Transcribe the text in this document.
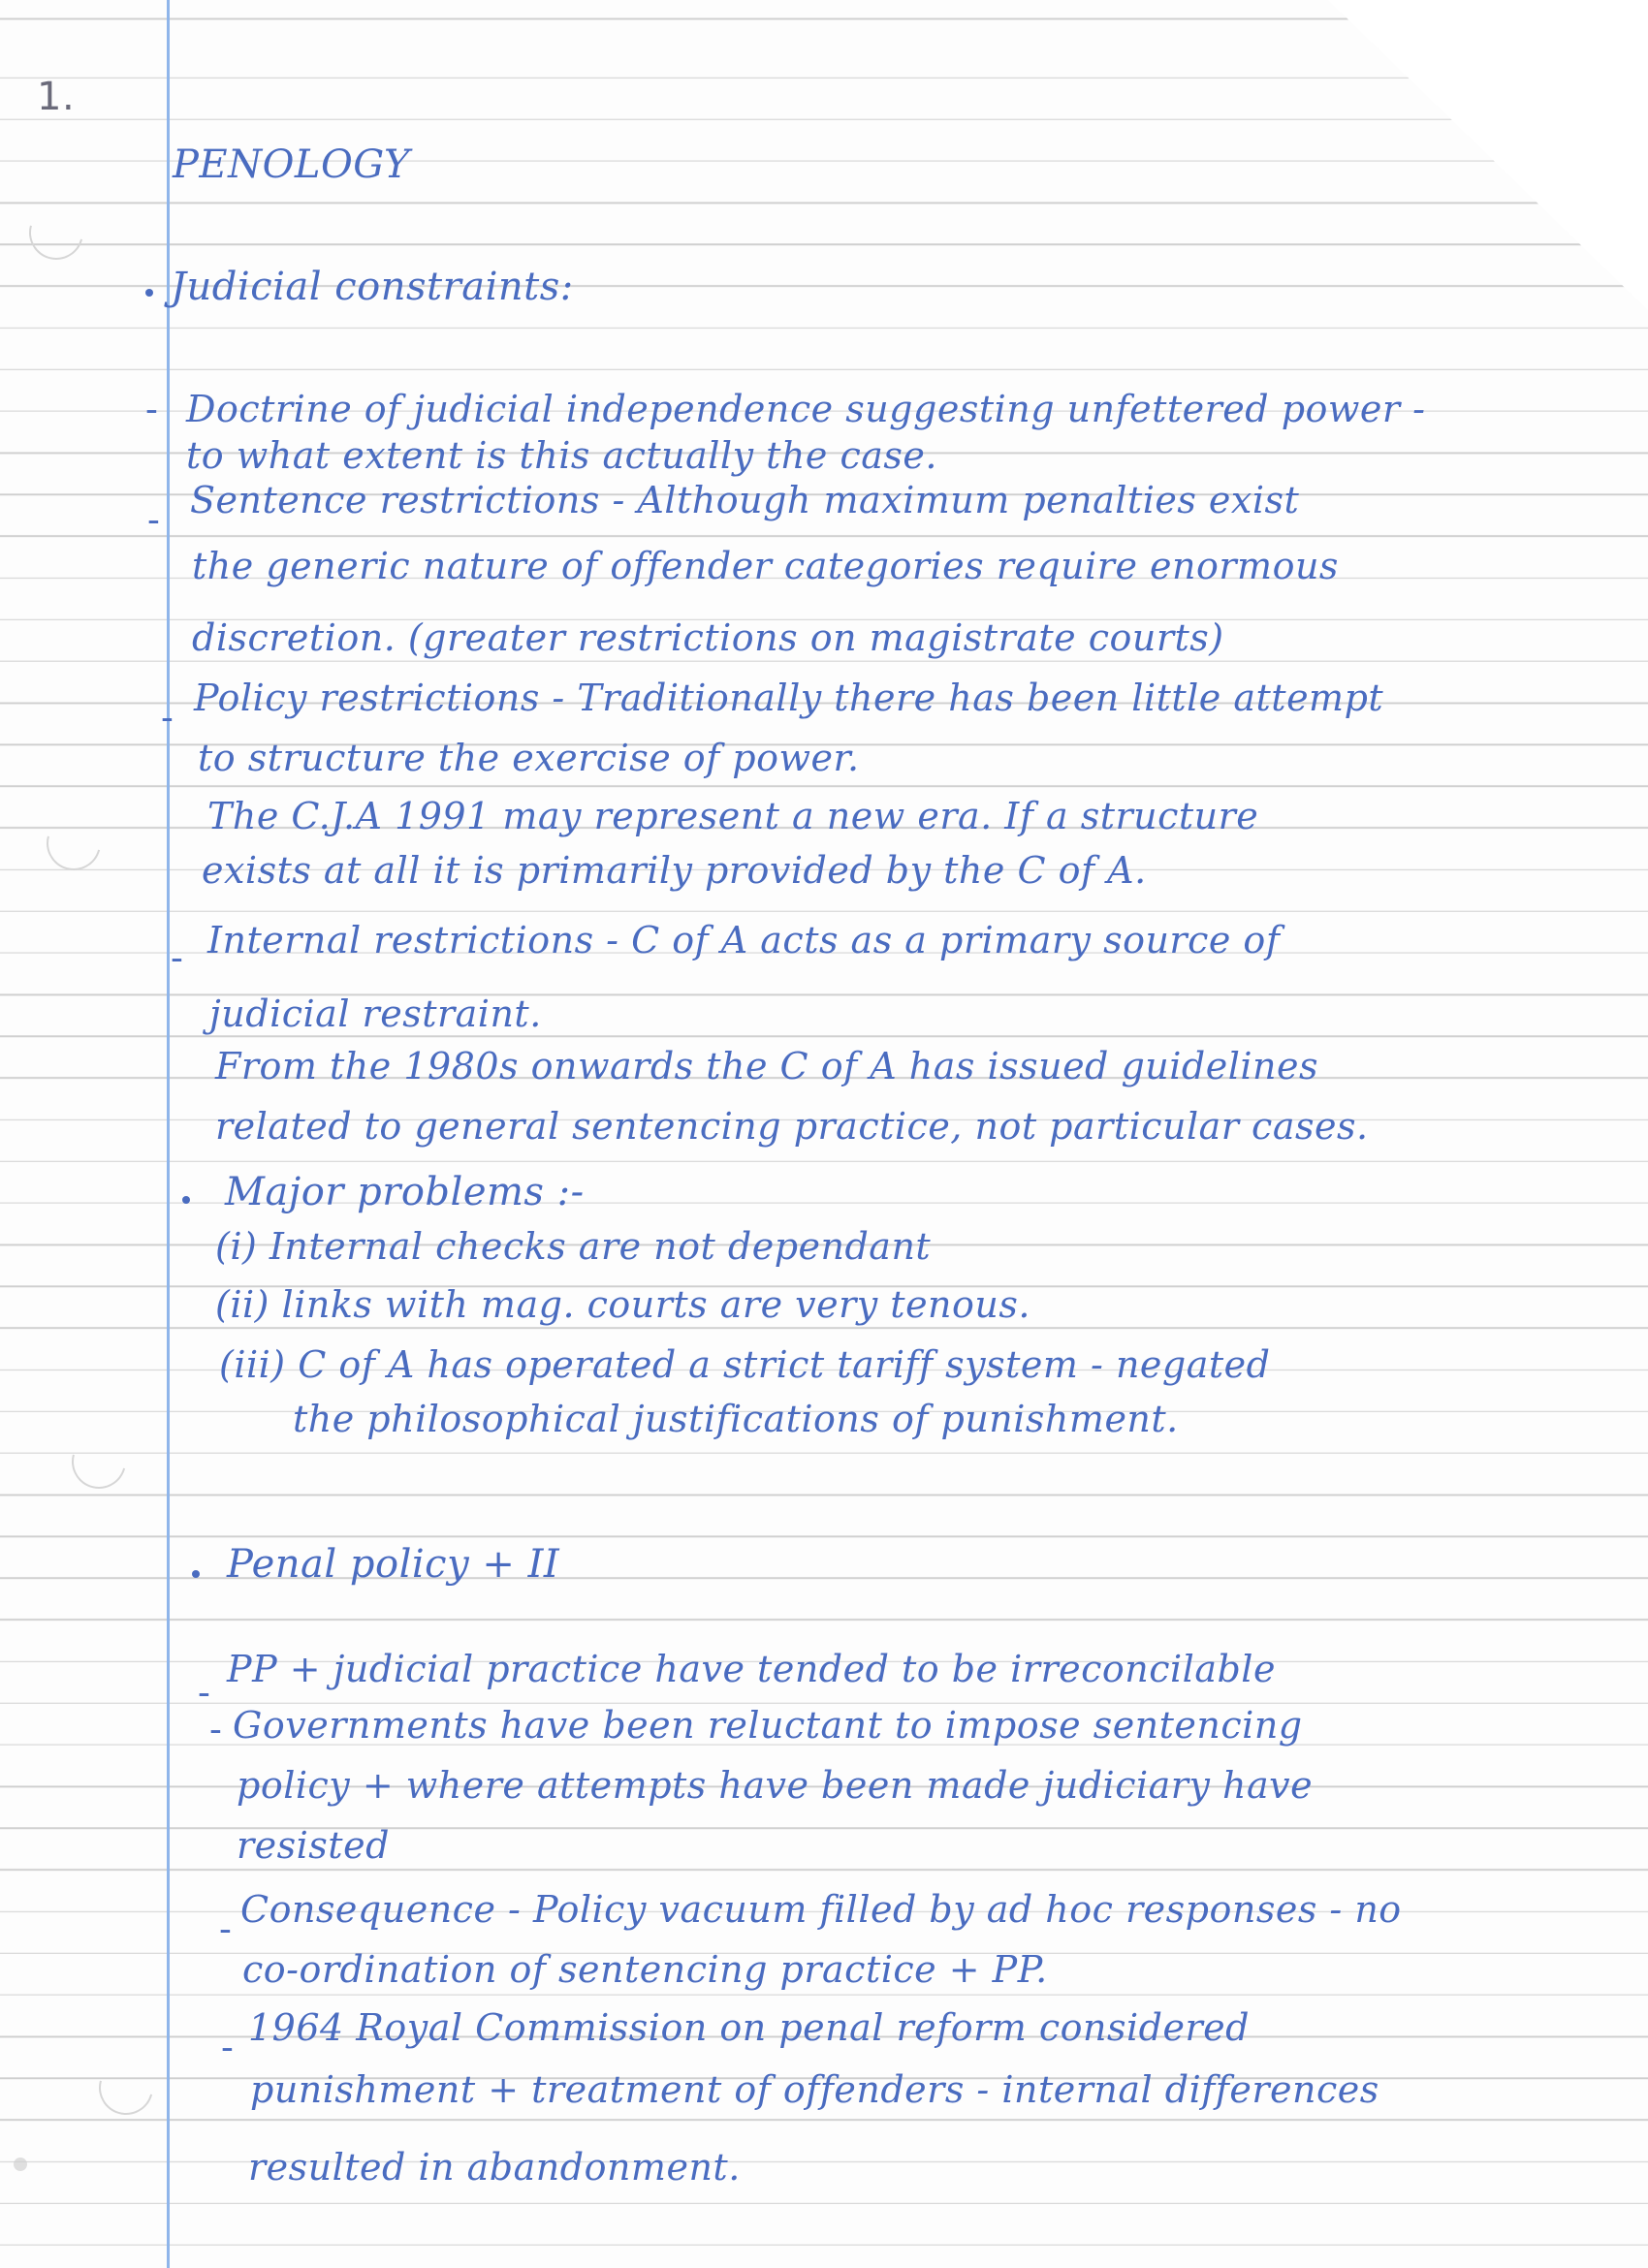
1.
PENOLOGY
Judicial constraints:
- Doctrine of judicial independence suggesting unfettered power -
to what extent is this actually the case.
- Sentence restrictions - Although maximum penalties exist
the generic nature of offender categories require enormous
discretion. (greater restrictions on magistrate courts)
- Policy restrictions - Traditionally there has been little attempt
to structure the exercise of power.
The C.J.A 1991 may represent a new era. If a structure
exists at all it is primarily provided by the C of A.
- Internal restrictions - C of A acts as a primary source of
judicial restraint.
From the 1980s onwards the C of A has issued guidelines
related to general sentencing practice, not particular cases.
Major problems :-
(i) Internal checks are not dependant
(ii) links with mag. courts are very tenous.
(iii) C of A has operated a strict tariff system - negated
the philosophical justifications of punishment.
Penal policy + II
-
PP + judicial practice have tended to be irreconcilable
- Governments have been reluctant to impose sentencing
policy + where attempts have been made judiciary have
resisted
- Consequence - Policy vacuum filled by ad hoc responses - no
co-ordination of sentencing practice + PP.
- 1964 Royal Commission on penal reform considered
punishment + treatment of offenders - internal differences
resulted in abandonment.
